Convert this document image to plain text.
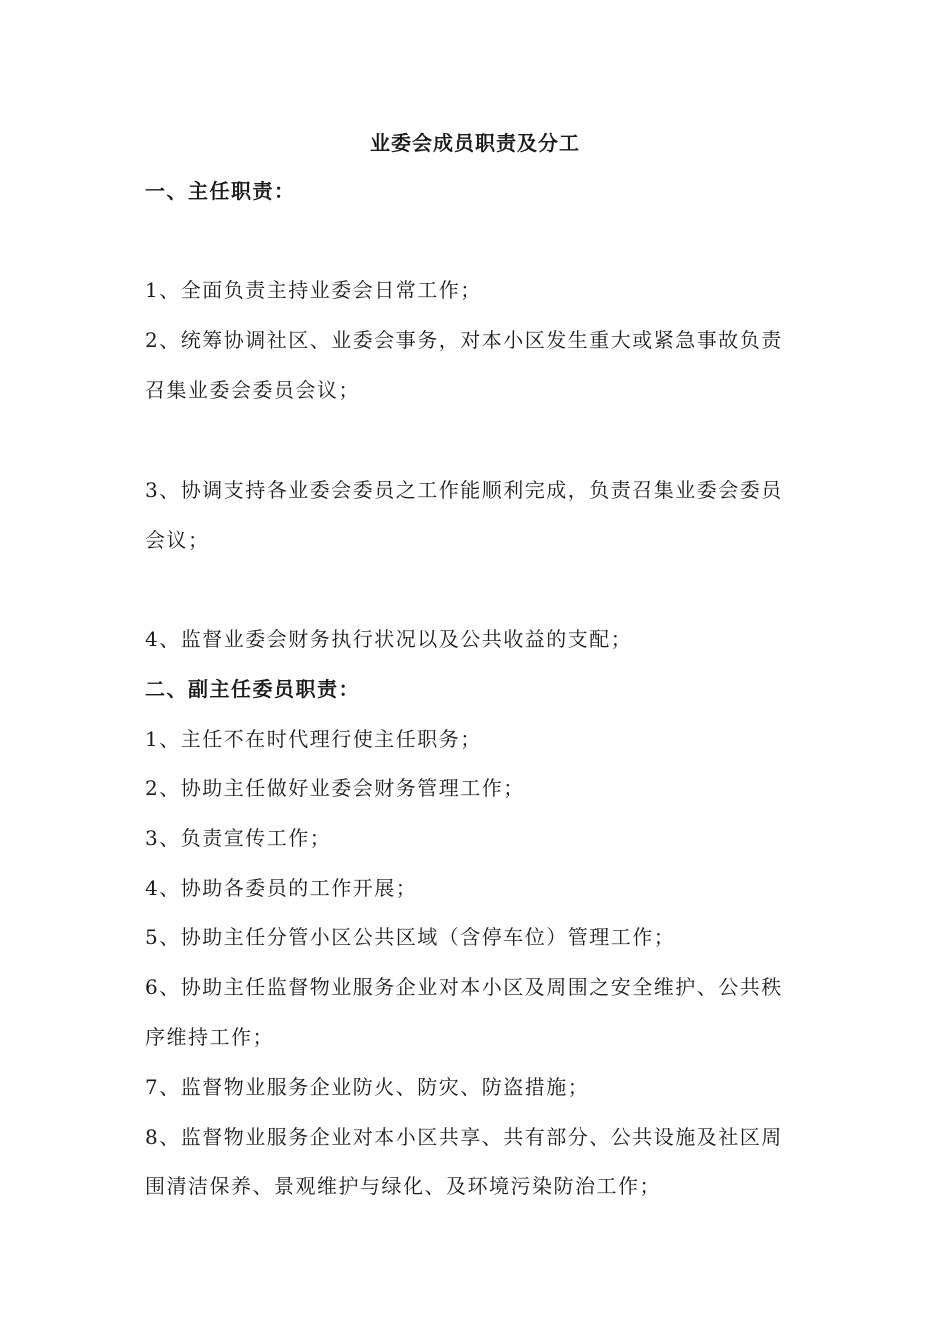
业委会成员职责及分工
一、主任职责：
1、全面负责主持业委会日常工作；
2、统筹协调社区、业委会事务，对本小区发生重大或紧急事故负责
召集业委会委员会议；
3、协调支持各业委会委员之工作能顺利完成，负责召集业委会委员
会议；
4、监督业委会财务执行状况以及公共收益的支配；
二、副主任委员职责：
1、主任不在时代理行使主任职务；
2、协助主任做好业委会财务管理工作；
3、负责宣传工作；
4、协助各委员的工作开展；
5、协助主任分管小区公共区域（含停车位）管理工作；
6、协助主任监督物业服务企业对本小区及周围之安全维护、公共秩
序维持工作；
7、监督物业服务企业防火、防灾、防盗措施；
8、监督物业服务企业对本小区共享、共有部分、公共设施及社区周
围清洁保养、景观维护与绿化、及环境污染防治工作；
